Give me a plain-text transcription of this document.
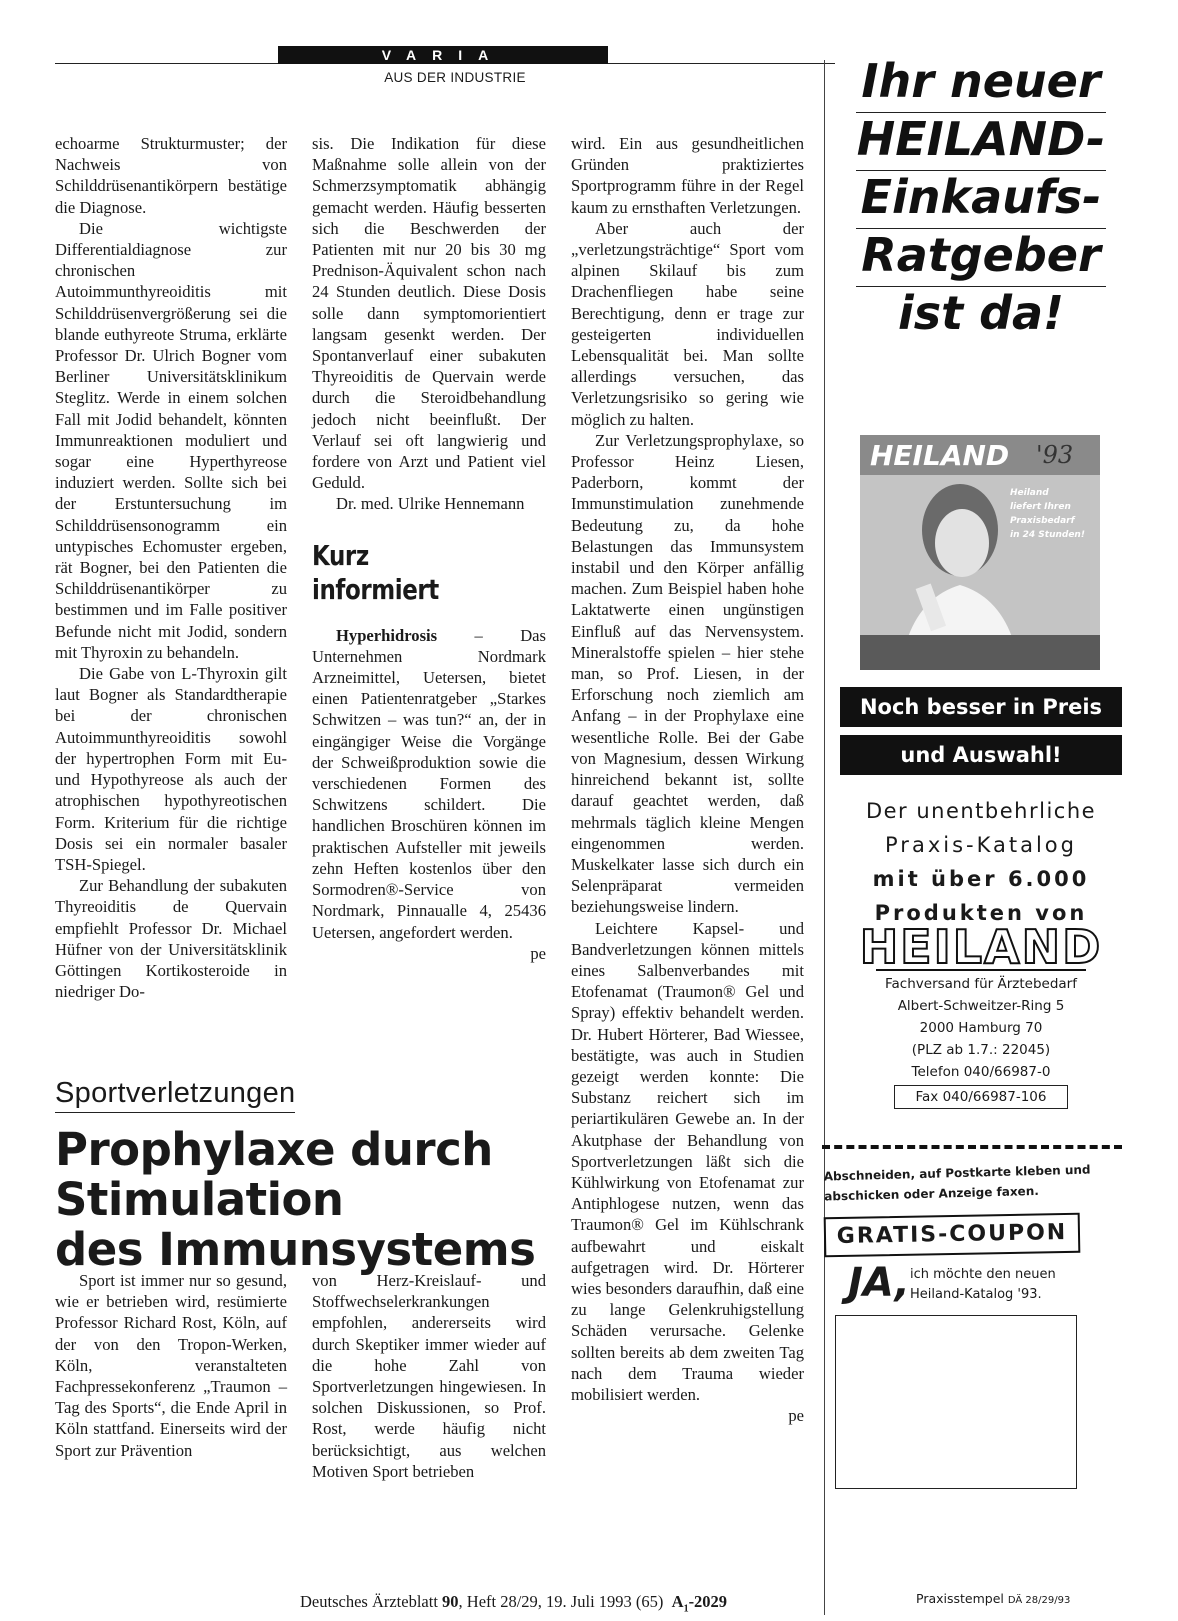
VARIA
AUS DER INDUSTRIE

echoarme Strukturmuster; der Nachweis von Schilddrüsenantikörpern bestätige die Diagnose.

Die wichtigste Differentialdiagnose zur chronischen Autoimmunthyreoiditis mit Schilddrüsenvergrößerung sei die blande euthyreote Struma, erklärte Professor Dr. Ulrich Bogner vom Berliner Universitätsklinikum Steglitz. Werde in einem solchen Fall mit Jodid behandelt, könnten Immunreaktionen moduliert und sogar eine Hyperthyreose induziert werden. Sollte sich bei der Erstuntersuchung im Schilddrüsensonogramm ein untypisches Echomuster ergeben, rät Bogner, bei den Patienten die Schilddrüsenantikörper zu bestimmen und im Falle positiver Befunde nicht mit Jodid, sondern mit Thyroxin zu behandeln.

Die Gabe von L-Thyroxin gilt laut Bogner als Standardtherapie bei der chronischen Autoimmunthyreoiditis sowohl der hypertrophen Form mit Eu- und Hypothyreose als auch der atrophischen hypothyreotischen Form. Kriterium für die richtige Dosis sei ein normaler basaler TSH-Spiegel.

Zur Behandlung der subakuten Thyreoiditis de Quervain empfiehlt Professor Dr. Michael Hüfner von der Universitätsklinik Göttingen Kortikosteroide in niedriger Do-

sis. Die Indikation für diese Maßnahme solle allein von der Schmerzsymptomatik abhängig gemacht werden. Häufig besserten sich die Beschwerden der Patienten mit nur 20 bis 30 mg Prednison-Äquivalent schon nach 24 Stunden deutlich. Diese Dosis solle dann symptomorientiert langsam gesenkt werden. Der Spontanverlauf einer subakuten Thyreoiditis de Quervain werde durch die Steroidbehandlung jedoch nicht beeinflußt. Der Verlauf sei oft langwierig und fordere von Arzt und Patient viel Geduld.

Dr. med. Ulrike Hennemann

Kurz
informiert

Hyperhidrosis – Das Unternehmen Nordmark Arzneimittel, Uetersen, bietet einen Patientenratgeber „Starkes Schwitzen – was tun?“ an, der in eingängiger Weise die Vorgänge der Schweißproduktion sowie die verschiedenen Formen des Schwitzens schildert. Die handlichen Broschüren können im praktischen Aufsteller mit jeweils zehn Heften kostenlos über den Sormodren®-Service von Nordmark, Pinnaualle 4, 25436 Uetersen, angefordert werden.
pe

wird. Ein aus gesundheitlichen Gründen praktiziertes Sportprogramm führe in der Regel kaum zu ernsthaften Verletzungen.

Aber auch der „verletzungsträchtige“ Sport vom alpinen Skilauf bis zum Drachenfliegen habe seine Berechtigung, denn er trage zur gesteigerten individuellen Lebensqualität bei. Man sollte allerdings versuchen, das Verletzungsrisiko so gering wie möglich zu halten.

Zur Verletzungsprophylaxe, so Professor Heinz Liesen, Paderborn, kommt der Immunstimulation zunehmende Bedeutung zu, da hohe Belastungen das Immunsystem instabil und den Körper anfällig machen. Zum Beispiel haben hohe Laktatwerte einen ungünstigen Einfluß auf das Nervensystem. Mineralstoffe spielen – hier stehe man, so Prof. Liesen, in der Erforschung noch ziemlich am Anfang – in der Prophylaxe eine wesentliche Rolle. Bei der Gabe von Magnesium, dessen Wirkung hinreichend bekannt ist, sollte darauf geachtet werden, daß mehrmals täglich kleine Mengen eingenommen werden. Muskelkater lasse sich durch ein Selenpräparat vermeiden beziehungsweise lindern.

Leichtere Kapsel- und Bandverletzungen können mittels eines Salbenverbandes mit Etofenamat (Traumon® Gel und Spray) effektiv behandelt werden. Dr. Hubert Hörterer, Bad Wiessee, bestätigte, was auch in Studien gezeigt werden konnte: Die Substanz reichert sich im periartikulären Gewebe an. In der Akutphase der Behandlung von Sportverletzungen läßt sich die Kühlwirkung von Etofenamat zur Antiphlogese nutzen, wenn das Traumon® Gel im Kühlschrank aufbewahrt und eiskalt aufgetragen wird. Dr. Hörterer wies besonders daraufhin, daß eine zu lange Gelenkruhigstellung Schäden verursache. Gelenke sollten bereits ab dem zweiten Tag nach dem Trauma wieder mobilisiert werden.

pe

Sportverletzungen
Prophylaxe durch
Stimulation
des Immunsystems

Sport ist immer nur so gesund, wie er betrieben wird, resümierte Professor Richard Rost, Köln, auf der von den Tropon-Werken, Köln, veranstalteten Fachpressekonferenz „Traumon – Tag des Sports“, die Ende April in Köln stattfand. Einerseits wird der Sport zur Prävention

von Herz-Kreislauf- und Stoffwechselerkrankungen empfohlen, andererseits wird durch Skeptiker immer wieder auf die hohe Zahl von Sportverletzungen hingewiesen. In solchen Diskussionen, so Prof. Rost, werde häufig nicht berücksichtigt, aus welchen Motiven Sport betrieben

Deutsches Ärzteblatt 90, Heft 28/29, 19. Juli 1993 (65) $A_1-2029$
Ihr neuer
HEILAND-
Einkaufs-
Ratgeber
ist da!
HEILAND '93
Heiland liefert Ihren Praxisbedarf in 24 Stunden!
Noch besser in Preis
und Auswahl!
Der unentbehrliche
Praxis-Katalog
mit über 6.000
Produkten von
HEILAND
Fachversand für Ärztebedarf
Albert-Schweitzer-Ring 5
2000 Hamburg 70
(PLZ ab 1.7.: 22045)
Telefon 040/66987-0
Fax 040/66987-106
Abschneiden, auf Postkarte kleben und abschicken oder Anzeige faxen.
GRATIS-COUPON
JA, ich möchte den neuen
Heiland-Katalog '93.
Praxisstempel DÄ 28/29/93
